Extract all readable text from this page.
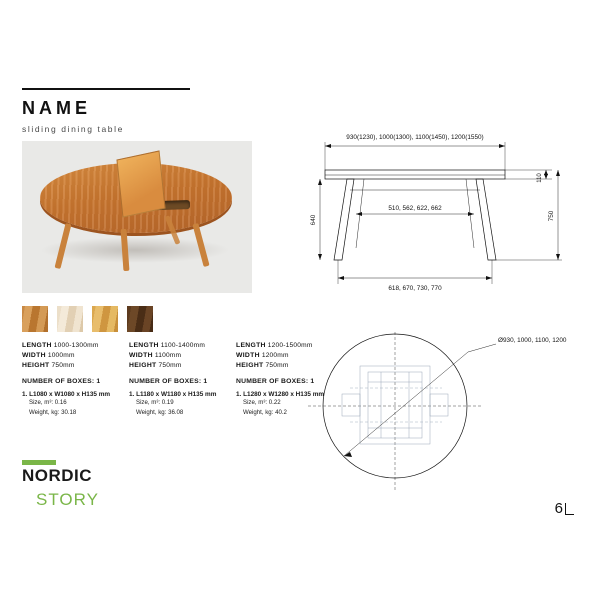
NAME
sliding dining table
LENGTH 1000-1300mm
WIDTH 1000mm
HEIGHT 750mm
NUMBER OF BOXES: 1
1. L1080 x W1080 x H135 mm
Size, m³: 0.16
Weight, kg: 30.18
LENGTH 1100-1400mm
WIDTH 1100mm
HEIGHT 750mm
NUMBER OF BOXES: 1
1. L1180 x W1180 x H135 mm
Size, m³: 0.19
Weight, kg: 36.08
LENGTH 1200-1500mm
WIDTH 1200mm
HEIGHT 750mm
NUMBER OF BOXES: 1
1. L1280 x W1280 x H135 mm
Size, m³: 0.22
Weight, kg: 40.2
NORDIC
STORY
930(1230), 1000(1300), 1100(1450), 1200(1550)
110
510, 562, 622, 662
618, 670, 730, 770
640	750
Ø930, 1000, 1100, 1200
6
